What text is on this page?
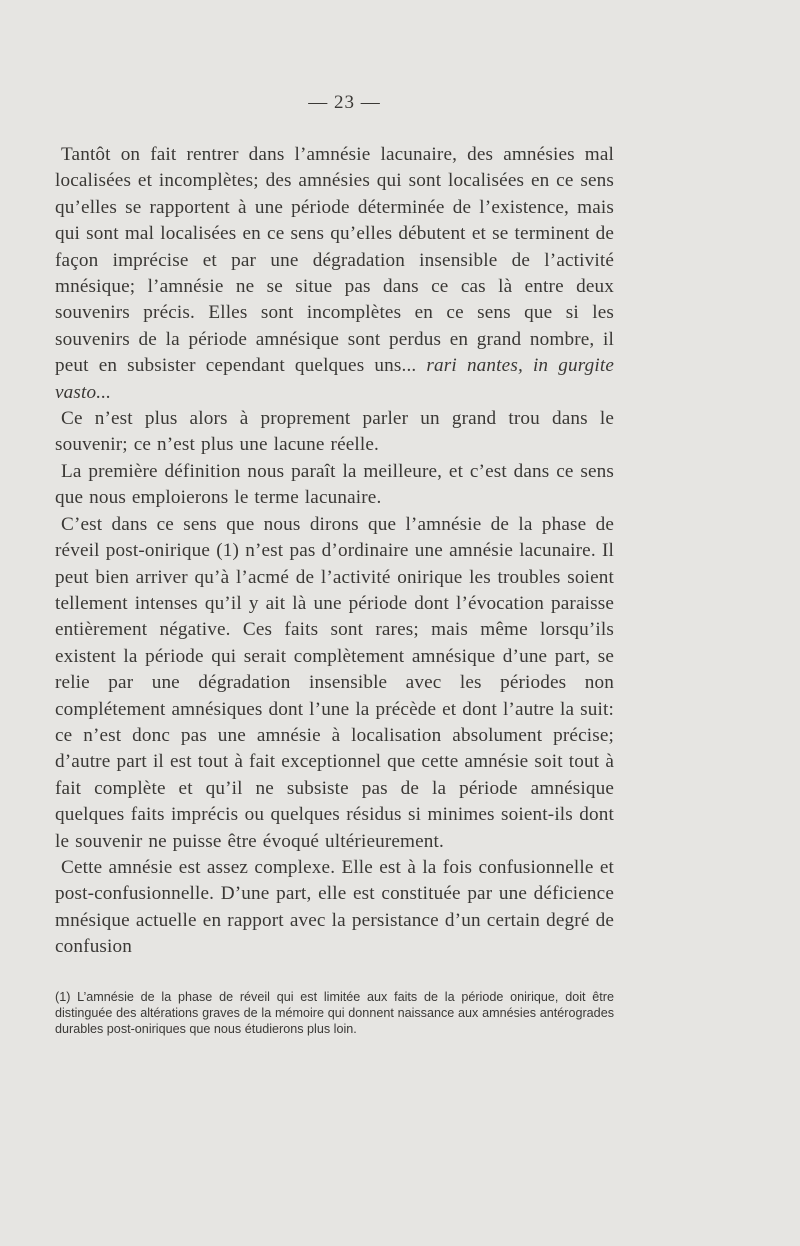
— 23 —

Tantôt on fait rentrer dans l’amnésie lacunaire, des amnésies mal localisées et incomplètes; des amnésies qui sont localisées en ce sens qu’elles se rapportent à une période déterminée de l’existence, mais qui sont mal localisées en ce sens qu’elles débutent et se terminent de façon imprécise et par une dégradation insensible de l’activité mnésique; l’amnésie ne se situe pas dans ce cas là entre deux souvenirs précis. Elles sont incomplètes en ce sens que si les souvenirs de la période amnésique sont perdus en grand nombre, il peut en subsister cependant quelques uns... rari nantes, in gurgite vasto...

Ce n’est plus alors à proprement parler un grand trou dans le souvenir; ce n’est plus une lacune réelle.

La première définition nous paraît la meilleure, et c’est dans ce sens que nous emploierons le terme lacunaire.

C’est dans ce sens que nous dirons que l’amnésie de la phase de réveil post-onirique (1) n’est pas d’ordinaire une amnésie lacunaire. Il peut bien arriver qu’à l’acmé de l’activité onirique les troubles soient tellement intenses qu’il y ait là une période dont l’évocation paraisse entièrement négative. Ces faits sont rares; mais même lorsqu’ils existent la période qui serait complètement amnésique d’une part, se relie par une dégradation insensible avec les périodes non complétement amnésiques dont l’une la précède et dont l’autre la suit: ce n’est donc pas une amnésie à localisation absolument précise; d’autre part il est tout à fait exceptionnel que cette amnésie soit tout à fait complète et qu’il ne subsiste pas de la période amnésique quelques faits imprécis ou quelques résidus si minimes soient-ils dont le souvenir ne puisse être évoqué ultérieurement.

Cette amnésie est assez complexe. Elle est à la fois confusionnelle et post-confusionnelle. D’une part, elle est constituée par une déficience mnésique actuelle en rapport avec la persistance d’un certain degré de confusion

(1) L’amnésie de la phase de réveil qui est limitée aux faits de la période onirique, doit être distinguée des altérations graves de la mémoire qui donnent naissance aux amnésies antérogrades durables post-oniriques que nous étudierons plus loin.
